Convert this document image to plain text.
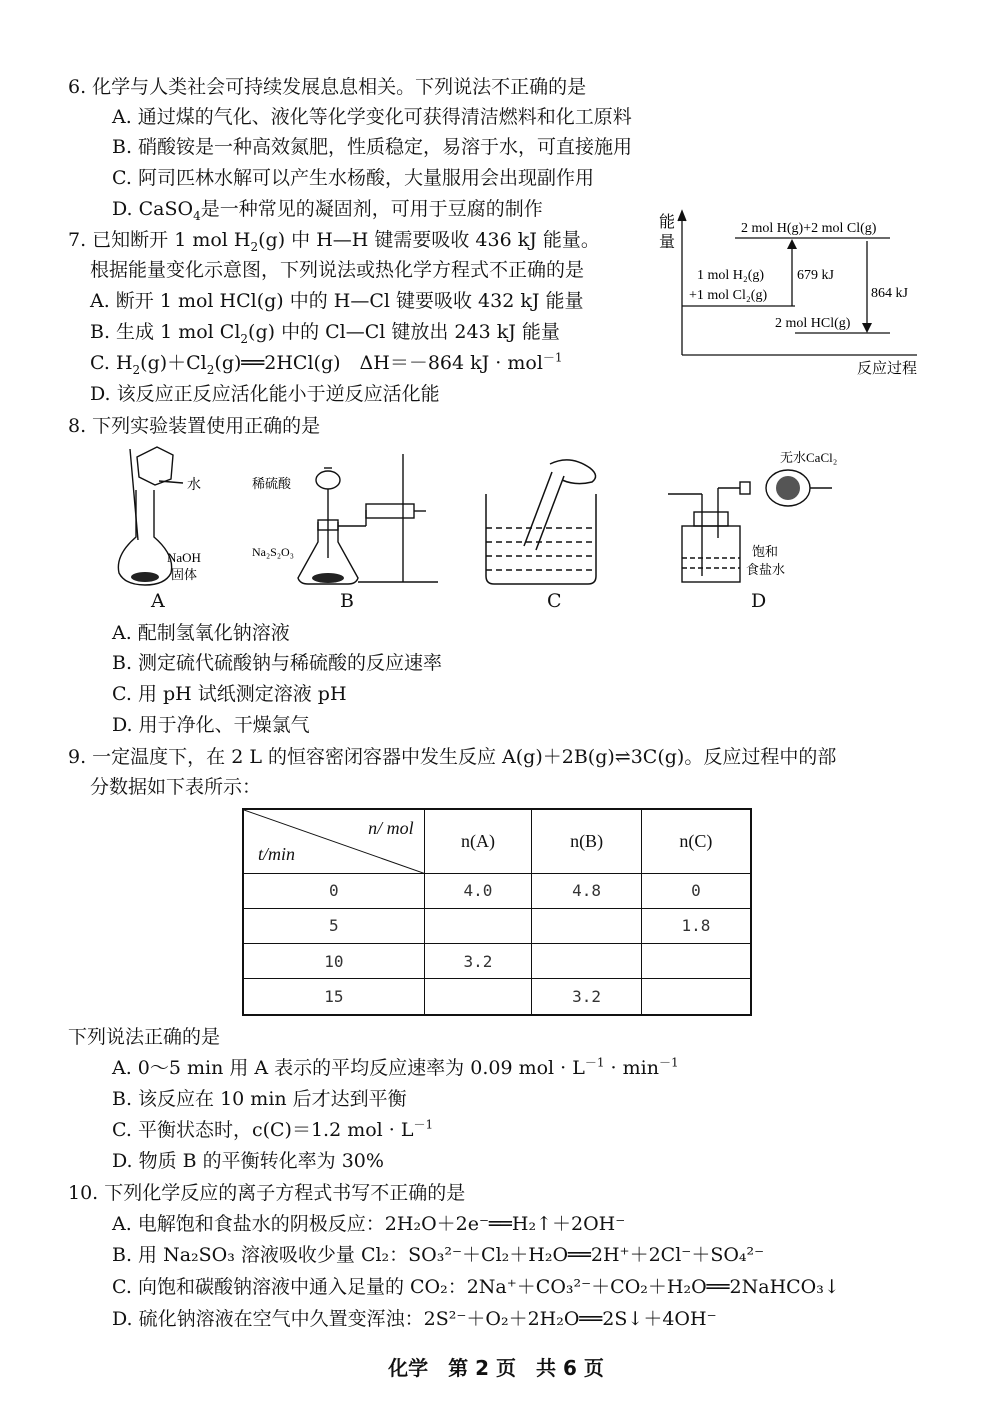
6. 化学与人类社会可持续发展息息相关。下列说法不正确的是
A. 通过煤的气化、液化等化学变化可获得清洁燃料和化工原料
B. 硝酸铵是一种高效氮肥，性质稳定，易溶于水，可直接施用
C. 阿司匹林水解可以产生水杨酸，大量服用会出现副作用
D. CaSO$_4$是一种常见的凝固剂，可用于豆腐的制作
7. 已知断开 1 mol $H_2(g)$ 中 H—H 键需要吸收 436 kJ 能量。
根据能量变化示意图，下列说法或热化学方程式不正确的是
A. 断开 1 mol HCl(g) 中的 H—Cl 键要吸收 432 kJ 能量
B. 生成 1 mol $Cl_2(g)$ 中的 Cl—Cl 键放出 243 kJ 能量
C. $H_2(g)+Cl_2(g)══2HCl(g)$　ΔH＝－864 kJ · mol$^{-1}$
D. 该反应正反应活化能小于逆反应活化能
能
量
2 mol H(g)+2 mol Cl(g)
1 mol H₂(g)
+1 mol Cl₂(g)
679 kJ
864 kJ
2 mol HCl(g)
反应过程
8. 下列实验装置使用正确的是
水
NaOH
固体
稀硫酸
Na₂S₂O₃
无水CaCl₂
饱和
食盐水
A	B	C	D
A. 配制氢氧化钠溶液
B. 测定硫代硫酸钠与稀硫酸的反应速率
C. 用 pH 试纸测定溶液 pH
D. 用于净化、干燥氯气
9. 一定温度下，在 2 L 的恒容密闭容器中发生反应 A(g)＋2B(g)⇌3C(g)。反应过程中的部
分数据如下表所示：
n/ mol
t/min	n(A)	n(B)	n(C)
0	4.0	4.8	0
5			1.8
10	3.2		
15		3.2	
下列说法正确的是
A. 0～5 min 用 A 表示的平均反应速率为 0.09 mol · $L^{-1} \cdot \min^{-1}$
B. 该反应在 10 min 后才达到平衡
C. 平衡状态时，c(C)＝1.2 mol · $L^{-1}$
D. 物质 B 的平衡转化率为 30%
10. 下列化学反应的离子方程式书写不正确的是
A. 电解饱和食盐水的阴极反应：2H₂O＋2e⁻══H₂↑＋2OH⁻
B. 用 Na₂SO₃ 溶液吸收少量 Cl₂：SO₃²⁻＋Cl₂＋H₂O══2H⁺＋2Cl⁻＋SO₄²⁻
C. 向饱和碳酸钠溶液中通入足量的 CO₂：2Na⁺＋CO₃²⁻＋CO₂＋H₂O══2NaHCO₃↓
D. 硫化钠溶液在空气中久置变浑浊：2S²⁻＋O₂＋2H₂O══2S↓＋4OH⁻
化学　第 2 页　共 6 页
